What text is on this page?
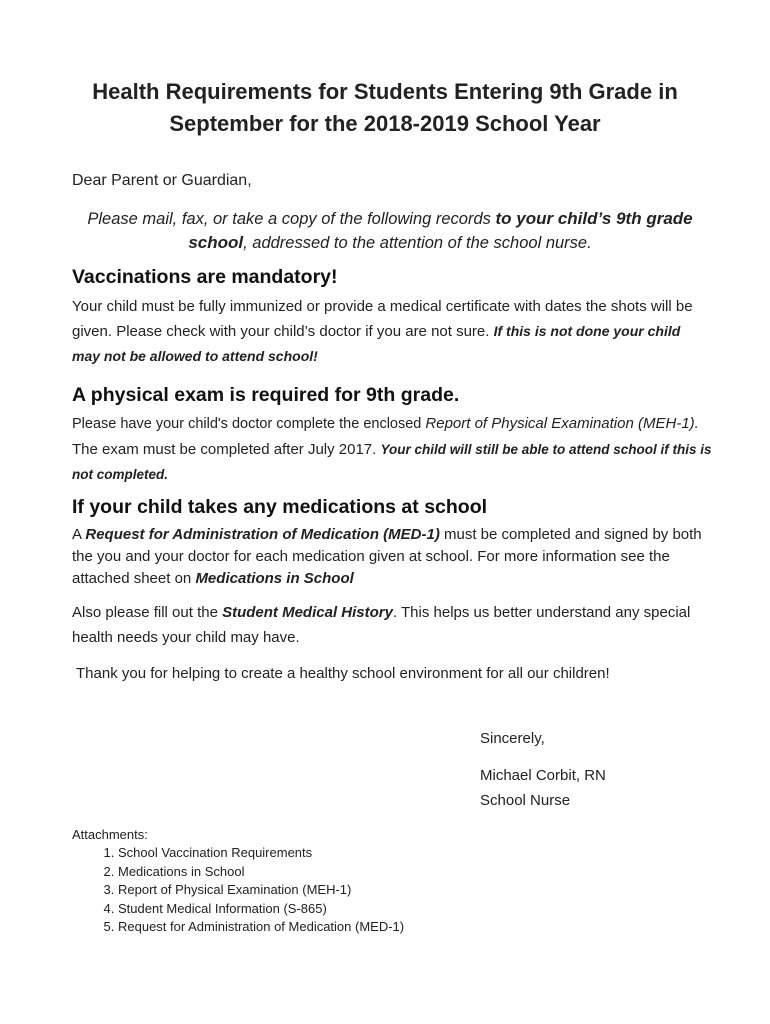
Health Requirements for Students Entering 9th Grade in
September for the 2018-2019 School Year
Dear Parent or Guardian,
Please mail, fax, or take a copy of the following records to your child’s 9th grade school, addressed to the attention of the school nurse.
Vaccinations are mandatory!
Your child must be fully immunized or provide a medical certificate with dates the shots will be given. Please check with your child’s doctor if you are not sure. If this is not done your child may not be allowed to attend school!
A physical exam is required for 9th grade.
Please have your child's doctor complete the enclosed Report of Physical Examination (MEH-1). The exam must be completed after July 2017. Your child will still be able to attend school if this is not completed.
If your child takes any medications at school
A Request for Administration of Medication (MED-1) must be completed and signed by both the you and your doctor for each medication given at school. For more information see the attached sheet on Medications in School
Also please fill out the Student Medical History. This helps us better understand any special health needs your child may have.
Thank you for helping to create a healthy school environment for all our children!
Sincerely,
Michael Corbit, RN
School Nurse
Attachments:
1. School Vaccination Requirements
2. Medications in School
3. Report of Physical Examination (MEH-1)
4. Student Medical Information (S-865)
5. Request for Administration of Medication (MED-1)
